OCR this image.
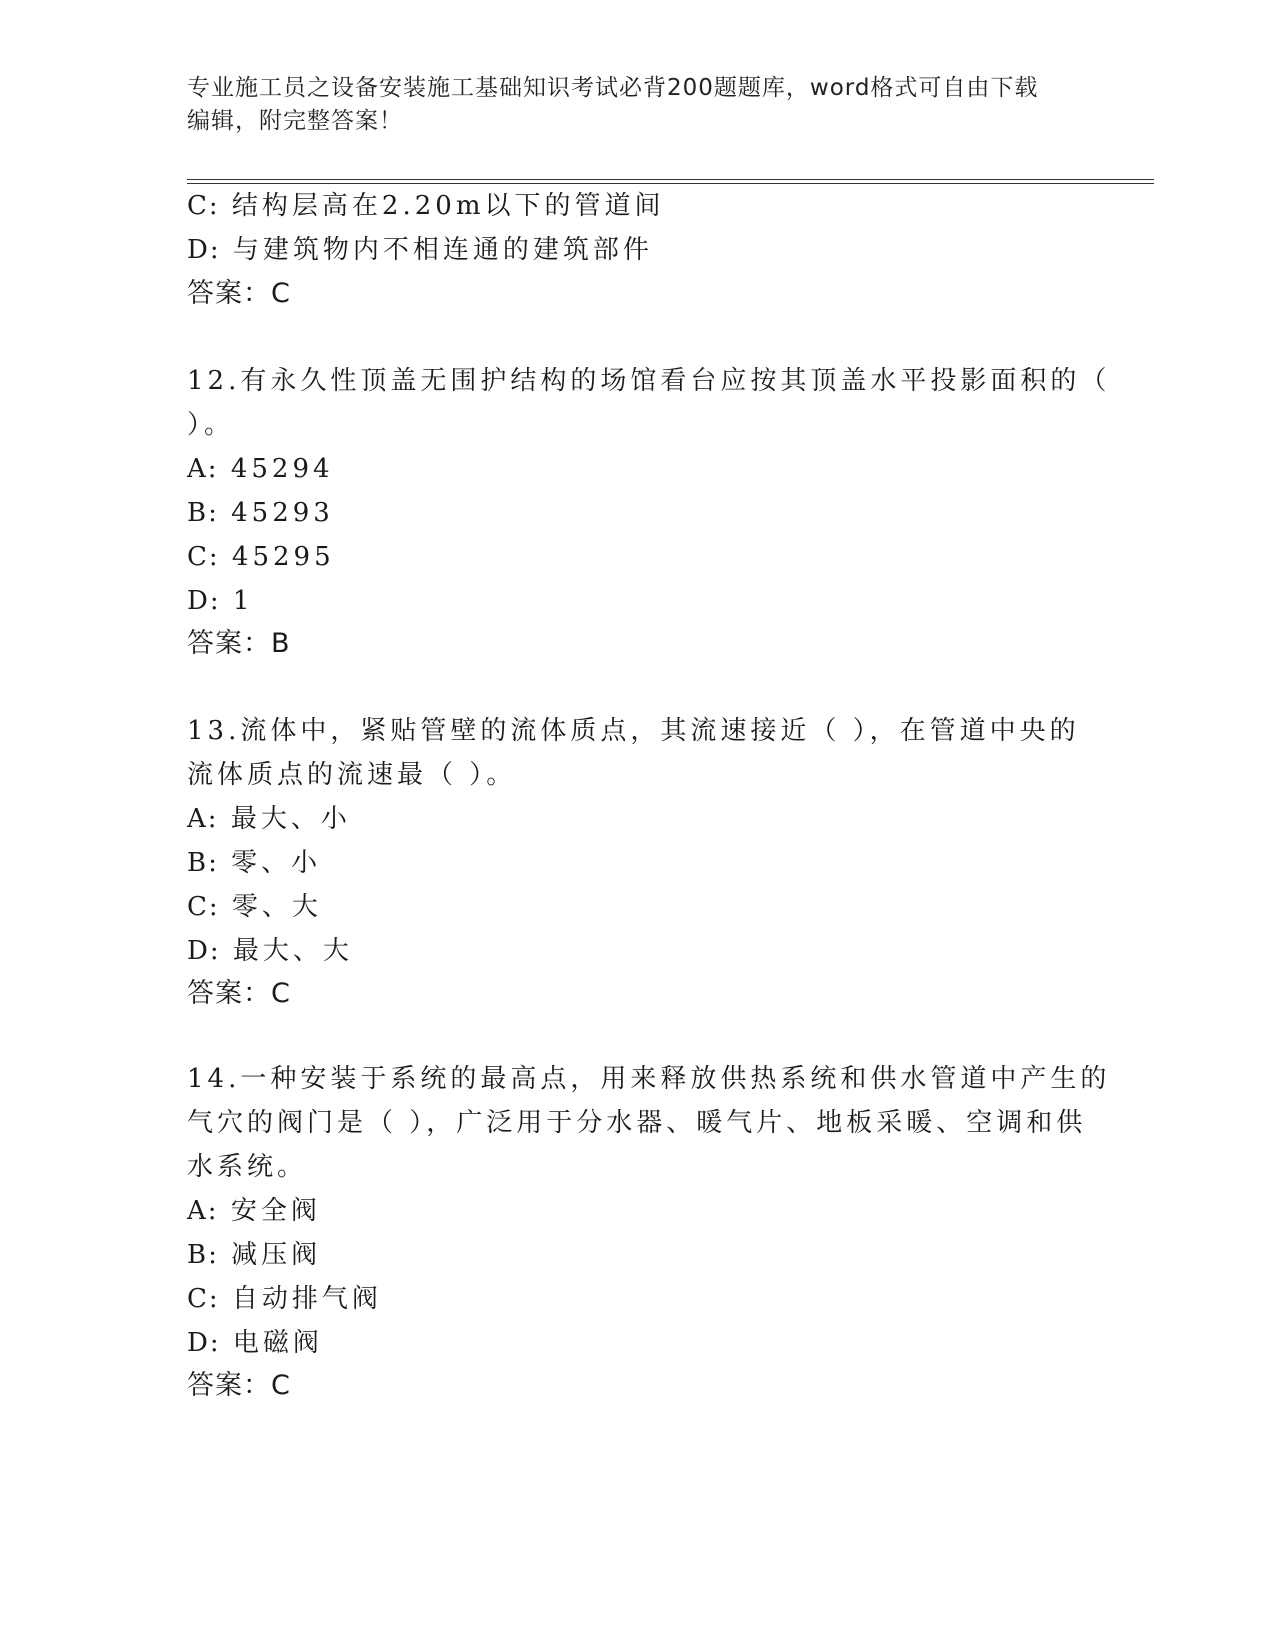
专业施工员之设备安装施工基础知识考试必背200题题库，word格式可自由下载
编辑，附完整答案！
C: 结构层高在2.20m以下的管道间
D: 与建筑物内不相连通的建筑部件
答案：C
12.有永久性顶盖无围护结构的场馆看台应按其顶盖水平投影面积的（
）。
A: 45294
B: 45293
C: 45295
D: 1
答案：B
13.流体中，紧贴管壁的流体质点，其流速接近（ ），在管道中央的
流体质点的流速最（ ）。
A: 最大、小
B: 零、小
C: 零、大
D: 最大、大
答案：C
14.一种安装于系统的最高点，用来释放供热系统和供水管道中产生的
气穴的阀门是（ ），广泛用于分水器、暖气片、地板采暖、空调和供
水系统。
A: 安全阀
B: 减压阀
C: 自动排气阀
D: 电磁阀
答案：C
